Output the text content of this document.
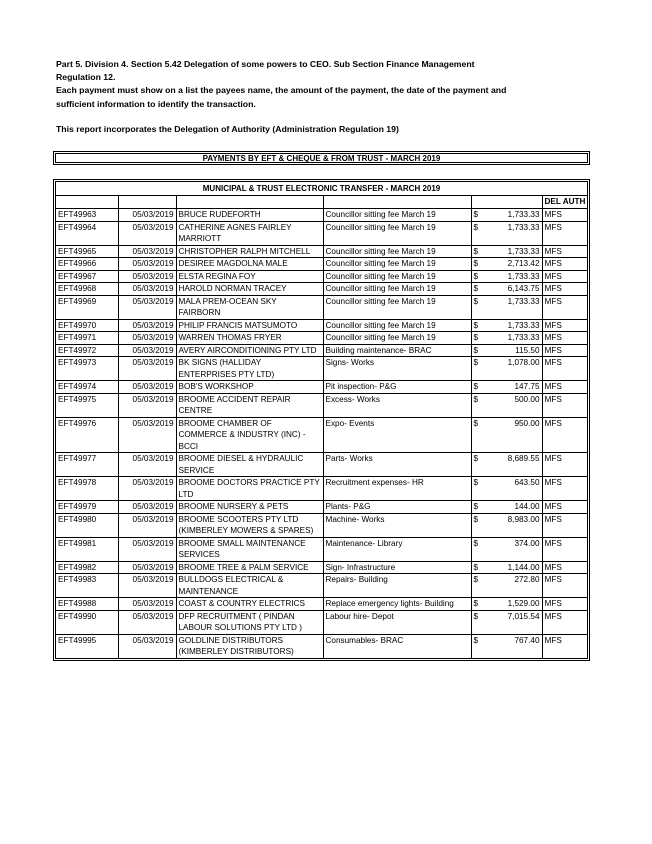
Part 5. Division 4. Section 5.42 Delegation of some powers to CEO. Sub Section Finance Management Regulation 12.

Each payment must show on a list the payees name, the amount of the payment, the date of the payment and sufficient information to identify the transaction.

This report incorporates the Delegation of Authority (Administration Regulation 19)

PAYMENTS BY EFT & CHEQUE & FROM TRUST - MARCH 2019
MUNICIPAL & TRUST ELECTRONIC TRANSFER - MARCH 2019
					DEL AUTH
EFT49963	05/03/2019	BRUCE RUDEFORTH	Councillor sitting fee March 19	$ 1,733.33	MFS
EFT49964	05/03/2019	CATHERINE AGNES FAIRLEY MARRIOTT	Councillor sitting fee March 19	$ 1,733.33	MFS
EFT49965	05/03/2019	CHRISTOPHER RALPH MITCHELL	Councillor sitting fee March 19	$ 1,733.33	MFS
EFT49966	05/03/2019	DESIREE MAGDOLNA MALE	Councillor sitting fee March 19	$ 2,713.42	MFS
EFT49967	05/03/2019	ELSTA REGINA FOY	Councillor sitting fee March 19	$ 1,733.33	MFS
EFT49968	05/03/2019	HAROLD NORMAN TRACEY	Councillor sitting fee March 19	$ 6,143.75	MFS
EFT49969	05/03/2019	MALA PREM-OCEAN SKY FAIRBORN	Councillor sitting fee March 19	$ 1,733.33	MFS
EFT49970	05/03/2019	PHILIP FRANCIS MATSUMOTO	Councillor sitting fee March 19	$ 1,733.33	MFS
EFT49971	05/03/2019	WARREN THOMAS FRYER	Councillor sitting fee March 19	$ 1,733.33	MFS
EFT49972	05/03/2019	AVERY AIRCONDITIONING PTY LTD	Building maintenance- BRAC	$ 115.50	MFS
EFT49973	05/03/2019	BK SIGNS (HALLIDAY ENTERPRISES PTY LTD)	Signs- Works	$ 1,078.00	MFS
EFT49974	05/03/2019	BOB'S WORKSHOP	Pit inspection- P&G	$ 147.75	MFS
EFT49975	05/03/2019	BROOME ACCIDENT REPAIR CENTRE	Excess- Works	$ 500.00	MFS
EFT49976	05/03/2019	BROOME CHAMBER OF COMMERCE & INDUSTRY (INC) - BCCI	Expo- Events	$ 950.00	MFS
EFT49977	05/03/2019	BROOME DIESEL & HYDRAULIC SERVICE	Parts- Works	$ 8,689.55	MFS
EFT49978	05/03/2019	BROOME DOCTORS PRACTICE PTY LTD	Recruitment expenses- HR	$ 643.50	MFS
EFT49979	05/03/2019	BROOME NURSERY & PETS	Plants- P&G	$ 144.00	MFS
EFT49980	05/03/2019	BROOME SCOOTERS PTY LTD (KIMBERLEY MOWERS & SPARES)	Machine- Works	$ 8,983.00	MFS
EFT49981	05/03/2019	BROOME SMALL MAINTENANCE SERVICES	Maintenance- Library	$ 374.00	MFS
EFT49982	05/03/2019	BROOME TREE & PALM SERVICE	Sign- Infrastructure	$ 1,144.00	MFS
EFT49983	05/03/2019	BULLDOGS ELECTRICAL & MAINTENANCE	Repairs- Building	$ 272.80	MFS
EFT49988	05/03/2019	COAST & COUNTRY ELECTRICS	Replace emergency lights- Building	$ 1,529.00	MFS
EFT49990	05/03/2019	DFP RECRUITMENT ( PINDAN LABOUR SOLUTIONS PTY LTD )	Labour hire- Depot	$ 7,015.54	MFS
EFT49995	05/03/2019	GOLDLINE DISTRIBUTORS (KIMBERLEY DISTRIBUTORS)	Consumables- BRAC	$ 767.40	MFS
